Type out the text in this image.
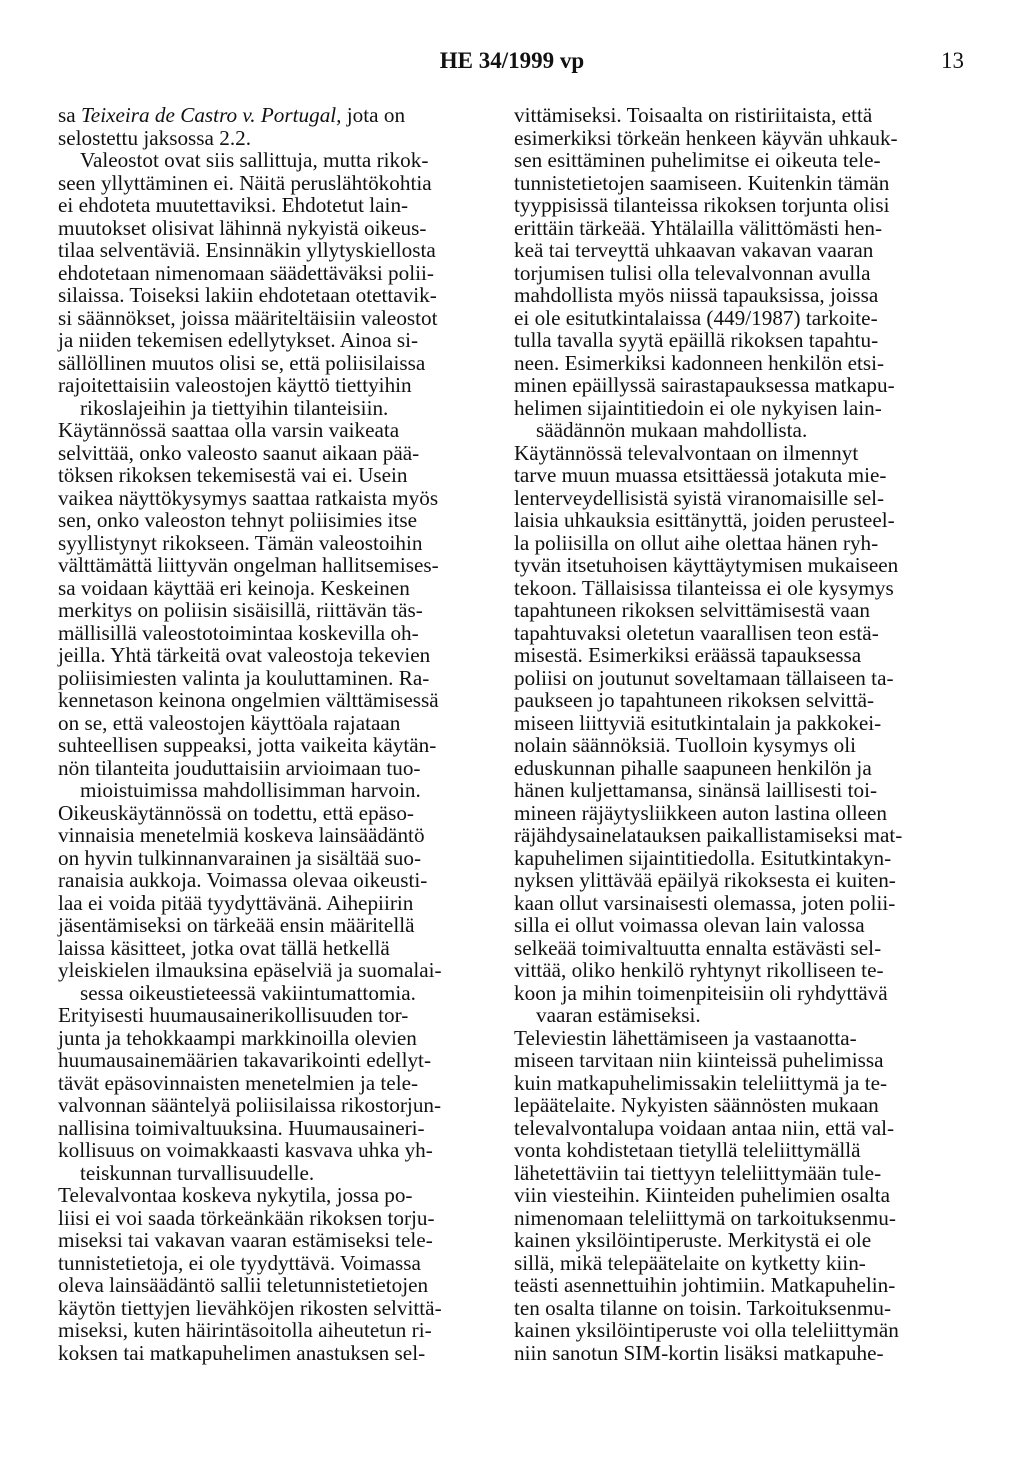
HE 34/1999 vp	13
sa Teixeira de Castro v. Portugal, jota on
selostettu jaksossa 2.2.
Valeostot ovat siis sallittuja, mutta rikok-
seen yllyttäminen ei. Näitä peruslähtökohtia
ei ehdoteta muutettaviksi. Ehdotetut lain-
muutokset olisivat lähinnä nykyistä oikeus-
tilaa selventäviä. Ensinnäkin yllytyskiellosta
ehdotetaan nimenomaan säädettäväksi polii-
silaissa. Toiseksi lakiin ehdotetaan otettavik-
si säännökset, joissa määriteltäisiin valeostot
ja niiden tekemisen edellytykset. Ainoa si-
sällöllinen muutos olisi se, että poliisilaissa
rajoitettaisiin valeostojen käyttö tiettyihin
rikoslajeihin ja tiettyihin tilanteisiin.
Käytännössä saattaa olla varsin vaikeata
selvittää, onko valeosto saanut aikaan pää-
töksen rikoksen tekemisestä vai ei. Usein
vaikea näyttökysymys saattaa ratkaista myös
sen, onko valeoston tehnyt poliisimies itse
syyllistynyt rikokseen. Tämän valeostoihin
välttämättä liittyvän ongelman hallitsemises-
sa voidaan käyttää eri keinoja. Keskeinen
merkitys on poliisin sisäisillä, riittävän täs-
mällisillä valeostotoimintaa koskevilla oh-
jeilla. Yhtä tärkeitä ovat valeostoja tekevien
poliisimiesten valinta ja kouluttaminen. Ra-
kennetason keinona ongelmien välttämisessä
on se, että valeostojen käyttöala rajataan
suhteellisen suppeaksi, jotta vaikeita käytän-
nön tilanteita jouduttaisiin arvioimaan tuo-
mioistuimissa mahdollisimman harvoin.
Oikeuskäytännössä on todettu, että epäso-
vinnaisia menetelmiä koskeva lainsäädäntö
on hyvin tulkinnanvarainen ja sisältää suo-
ranaisia aukkoja. Voimassa olevaa oikeusti-
laa ei voida pitää tyydyttävänä. Aihepiirin
jäsentämiseksi on tärkeää ensin määritellä
laissa käsitteet, jotka ovat tällä hetkellä
yleiskielen ilmauksina epäselviä ja suomalai-
sessa oikeustieteessä vakiintumattomia.
Erityisesti huumausainerikollisuuden tor-
junta ja tehokkaampi markkinoilla olevien
huumausainemäärien takavarikointi edellyt-
tävät epäsovinnaisten menetelmien ja tele-
valvonnan sääntelyä poliisilaissa rikostorjun-
nallisina toimivaltuuksina. Huumausaineri-
kollisuus on voimakkaasti kasvava uhka yh-
teiskunnan turvallisuudelle.
Televalvontaa koskeva nykytila, jossa po-
liisi ei voi saada törkeänkään rikoksen torju-
miseksi tai vakavan vaaran estämiseksi tele-
tunnistetietoja, ei ole tyydyttävä. Voimassa
oleva lainsäädäntö sallii teletunnistetietojen
käytön tiettyjen lievähköjen rikosten selvittä-
miseksi, kuten häirintäsoitolla aiheutetun ri-
koksen tai matkapuhelimen anastuksen sel-
vittämiseksi. Toisaalta on ristiriitaista, että
esimerkiksi törkeän henkeen käyvän uhkauk-
sen esittäminen puhelimitse ei oikeuta tele-
tunnistetietojen saamiseen. Kuitenkin tämän
tyyppisissä tilanteissa rikoksen torjunta olisi
erittäin tärkeää. Yhtälailla välittömästi hen-
keä tai terveyttä uhkaavan vakavan vaaran
torjumisen tulisi olla televalvonnan avulla
mahdollista myös niissä tapauksissa, joissa
ei ole esitutkintalaissa (449/1987) tarkoite-
tulla tavalla syytä epäillä rikoksen tapahtu-
neen. Esimerkiksi kadonneen henkilön etsi-
minen epäillyssä sairastapauksessa matkapu-
helimen sijaintitiedoin ei ole nykyisen lain-
säädännön mukaan mahdollista.
Käytännössä televalvontaan on ilmennyt
tarve muun muassa etsittäessä jotakuta mie-
lenterveydellisistä syistä viranomaisille sel-
laisia uhkauksia esittänyttä, joiden perusteel-
la poliisilla on ollut aihe olettaa hänen ryh-
tyvän itsetuhoisen käyttäytymisen mukaiseen
tekoon. Tällaisissa tilanteissa ei ole kysymys
tapahtuneen rikoksen selvittämisestä vaan
tapahtuvaksi oletetun vaarallisen teon estä-
misestä. Esimerkiksi eräässä tapauksessa
poliisi on joutunut soveltamaan tällaiseen ta-
paukseen jo tapahtuneen rikoksen selvittä-
miseen liittyviä esitutkintalain ja pakkokei-
nolain säännöksiä. Tuolloin kysymys oli
eduskunnan pihalle saapuneen henkilön ja
hänen kuljettamansa, sinänsä laillisesti toi-
mineen räjäytysliikkeen auton lastina olleen
räjähdysainelatauksen paikallistamiseksi mat-
kapuhelimen sijaintitiedolla. Esitutkintakyn-
nyksen ylittävää epäilyä rikoksesta ei kuiten-
kaan ollut varsinaisesti olemassa, joten polii-
silla ei ollut voimassa olevan lain valossa
selkeää toimivaltuutta ennalta estävästi sel-
vittää, oliko henkilö ryhtynyt rikolliseen te-
koon ja mihin toimenpiteisiin oli ryhdyttävä
vaaran estämiseksi.
Televiestin lähettämiseen ja vastaanotta-
miseen tarvitaan niin kiinteissä puhelimissa
kuin matkapuhelimissakin teleliittymä ja te-
lepäätelaite. Nykyisten säännösten mukaan
televalvontalupa voidaan antaa niin, että val-
vonta kohdistetaan tietyllä teleliittymällä
lähetettäviin tai tiettyyn teleliittymään tule-
viin viesteihin. Kiinteiden puhelimien osalta
nimenomaan teleliittymä on tarkoituksenmu-
kainen yksilöintiperuste. Merkitystä ei ole
sillä, mikä telepäätelaite on kytketty kiin-
teästi asennettuihin johtimiin. Matkapuhelin-
ten osalta tilanne on toisin. Tarkoituksenmu-
kainen yksilöintiperuste voi olla teleliittymän
niin sanotun SIM-kortin lisäksi matkapuhe-
